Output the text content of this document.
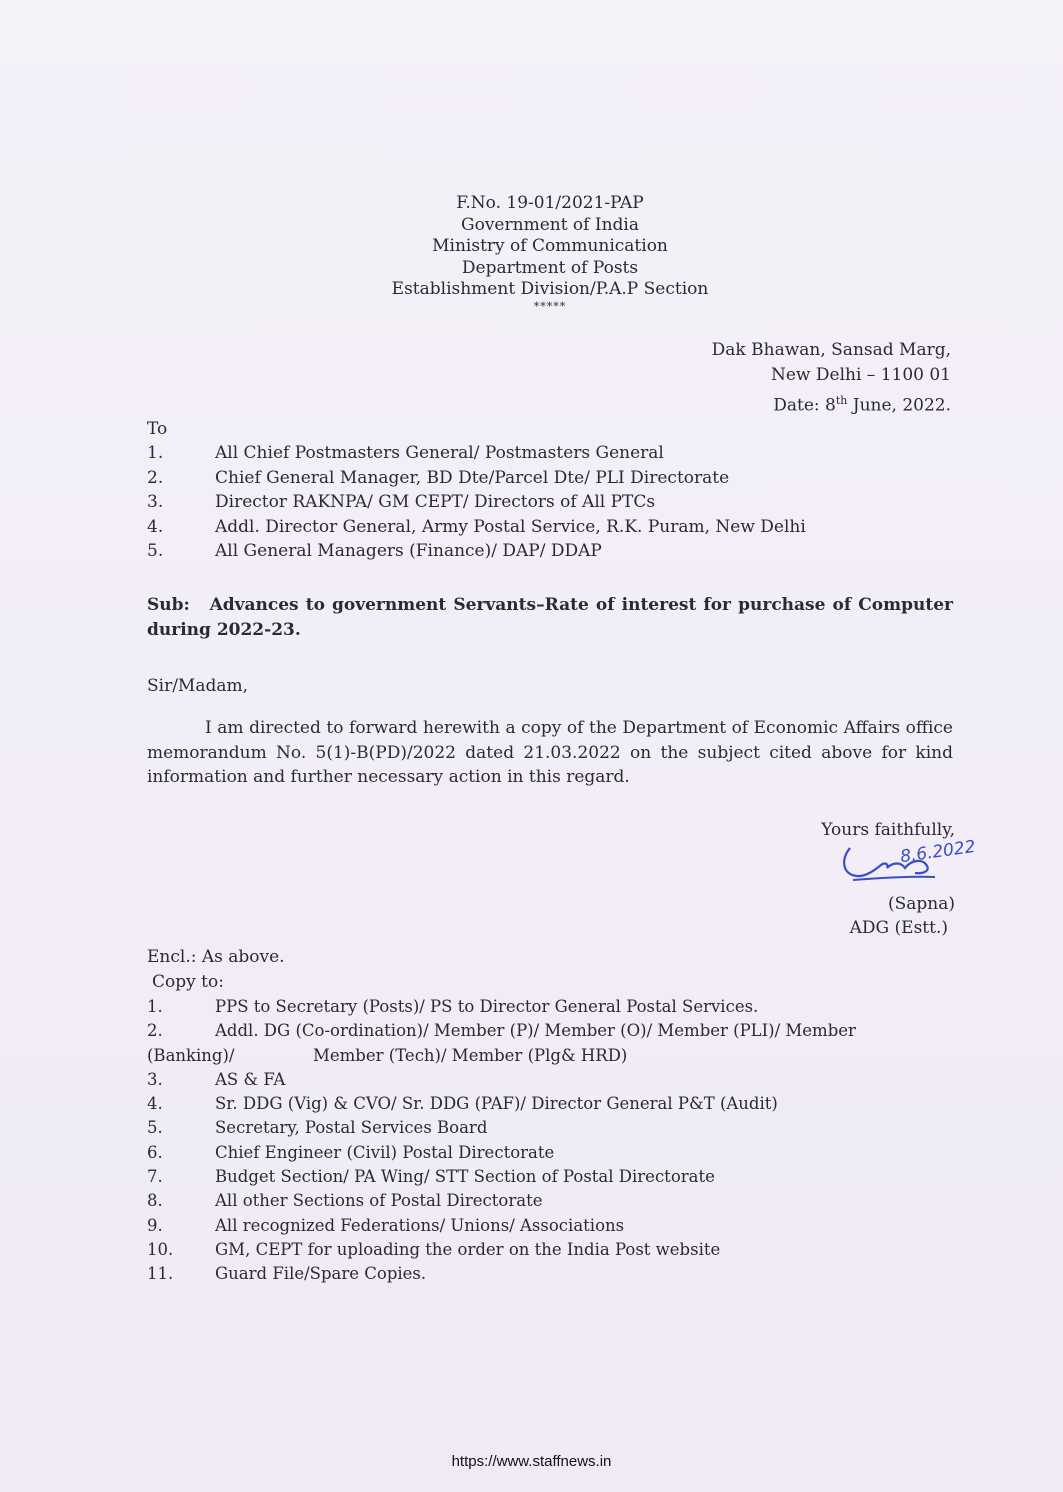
F.No. 19-01/2021-PAP
Government of India
Ministry of Communication
Department of Posts
Establishment Division/P.A.P Section
*****
Dak Bhawan, Sansad Marg,
New Delhi – 1100 01
Date: 8th June, 2022.
To
1.	All Chief Postmasters General/ Postmasters General
2.	Chief General Manager, BD Dte/Parcel Dte/ PLI Directorate
3.	Director RAKNPA/ GM CEPT/ Directors of All PTCs
4.	Addl. Director General, Army Postal Service, R.K. Puram, New Delhi
5.	All General Managers (Finance)/ DAP/ DDAP
Sub: Advances to government Servants–Rate of interest for purchase of Computer during 2022-23.
Sir/Madam,
I am directed to forward herewith a copy of the Department of Economic Affairs office memorandum No. 5(1)-B(PD)/2022 dated 21.03.2022 on the subject cited above for kind information and further necessary action in this regard.
Yours faithfully,
8.6.2022
(Sapna)
ADG (Estt.)
Encl.: As above.
Copy to:
1.	PPS to Secretary (Posts)/ PS to Director General Postal Services.
2.	Addl. DG (Co-ordination)/ Member (P)/ Member (O)/ Member (PLI)/ Member
(Banking)/	Member (Tech)/ Member (Plg& HRD)
3.	AS & FA
4.	Sr. DDG (Vig) & CVO/ Sr. DDG (PAF)/ Director General P&T (Audit)
5.	Secretary, Postal Services Board
6.	Chief Engineer (Civil) Postal Directorate
7.	Budget Section/ PA Wing/ STT Section of Postal Directorate
8.	All other Sections of Postal Directorate
9.	All recognized Federations/ Unions/ Associations
10.	GM, CEPT for uploading the order on the India Post website
11.	Guard File/Spare Copies.
https://www.staffnews.in
